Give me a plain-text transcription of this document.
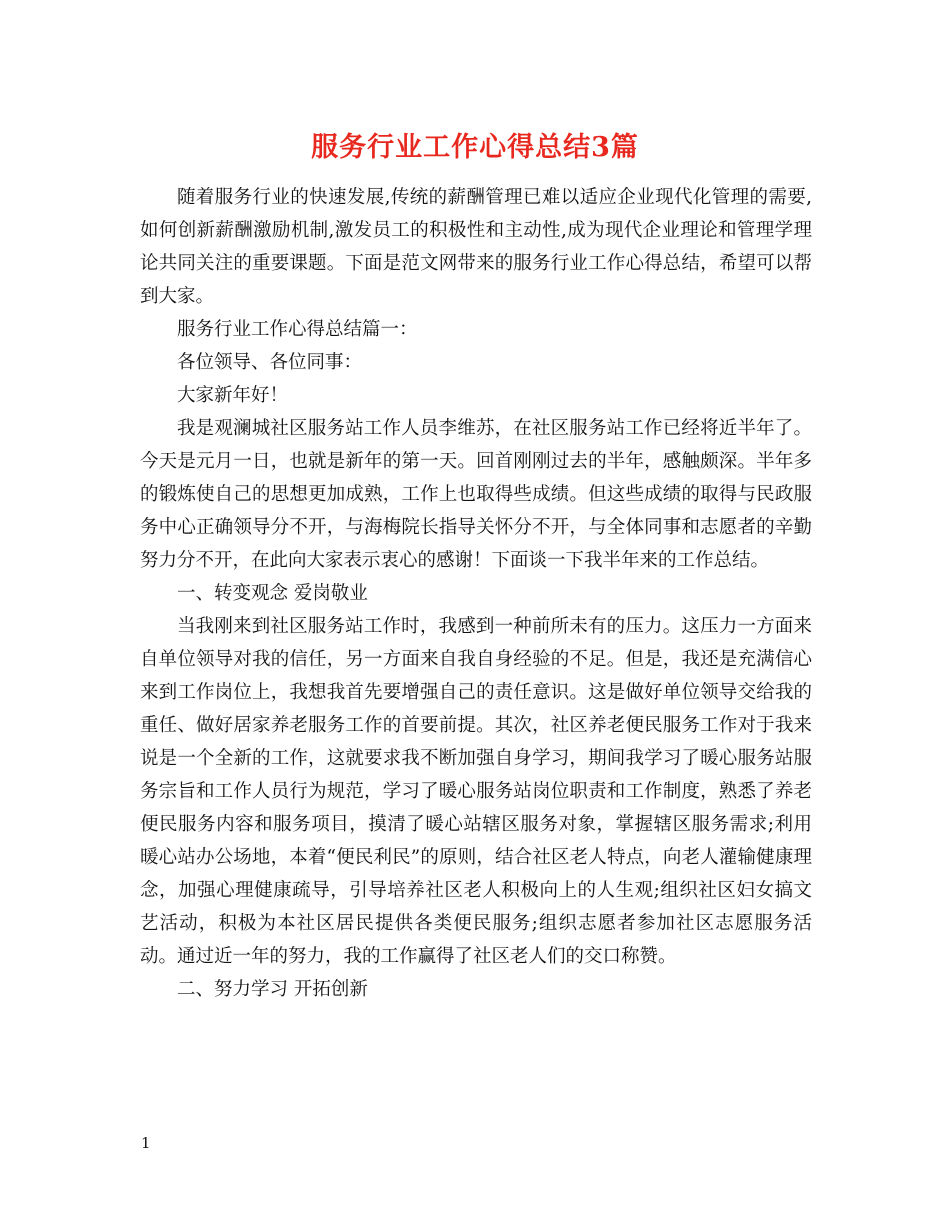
服务行业工作心得总结3篇

随着服务行业的快速发展,传统的薪酬管理已难以适应企业现代化管理的需要,如何创新薪酬激励机制,激发员工的积极性和主动性,成为现代企业理论和管理学理论共同关注的重要课题。下面是范文网带来的服务行业工作心得总结，希望可以帮到大家。

服务行业工作心得总结篇一：

各位领导、各位同事：

大家新年好！

我是观澜城社区服务站工作人员李维苏，在社区服务站工作已经将近半年了。今天是元月一日，也就是新年的第一天。回首刚刚过去的半年，感触颇深。半年多的锻炼使自己的思想更加成熟，工作上也取得些成绩。但这些成绩的取得与民政服务中心正确领导分不开，与海梅院长指导关怀分不开，与全体同事和志愿者的辛勤努力分不开，在此向大家表示衷心的感谢！下面谈一下我半年来的工作总结。

一、转变观念 爱岗敬业

当我刚来到社区服务站工作时，我感到一种前所未有的压力。这压力一方面来自单位领导对我的信任，另一方面来自我自身经验的不足。但是，我还是充满信心来到工作岗位上，我想我首先要增强自己的责任意识。这是做好单位领导交给我的重任、做好居家养老服务工作的首要前提。其次，社区养老便民服务工作对于我来说是一个全新的工作，这就要求我不断加强自身学习，期间我学习了暖心服务站服务宗旨和工作人员行为规范，学习了暖心服务站岗位职责和工作制度，熟悉了养老便民服务内容和服务项目，摸清了暖心站辖区服务对象，掌握辖区服务需求;利用暖心站办公场地，本着“便民利民”的原则，结合社区老人特点，向老人灌输健康理念，加强心理健康疏导，引导培养社区老人积极向上的人生观;组织社区妇女搞文艺活动，积极为本社区居民提供各类便民服务;组织志愿者参加社区志愿服务活动。通过近一年的努力，我的工作赢得了社区老人们的交口称赞。

二、努力学习 开拓创新

1
